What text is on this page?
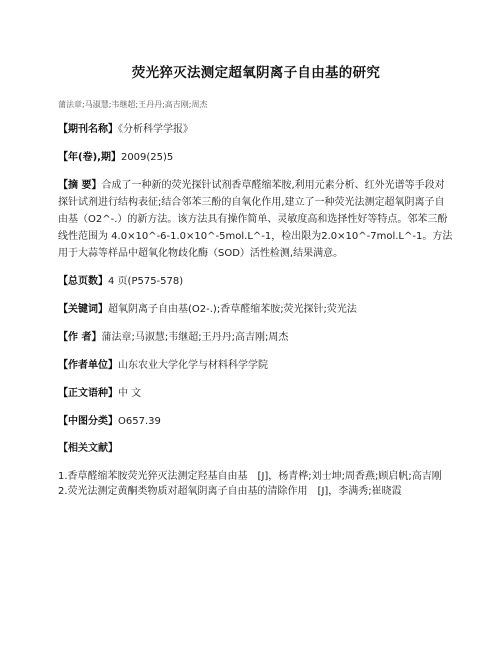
荧光猝灭法测定超氧阴离子自由基的研究
蒲法章;马淑慧;韦继超;王丹丹;高吉刚;周杰
【期刊名称】《分析科学学报》
【年(卷),期】2009(25)5
【摘 要】合成了一种新的荧光探针试剂香草醛缩苯胺,利用元素分析、红外光谱等手段对探针试剂进行结构表征;结合邻苯三酚的自氧化作用,建立了一种荧光法测定超氧阴离子自由基（O2^-.）的新方法。该方法具有操作简单、灵敏度高和选择性好等特点。邻苯三酚线性范围为 4.0×10^-6-1.0×10^-5mol.L^-1，检出限为2.0×10^-7mol.L^-1。方法用于大蒜等样品中超氧化物歧化酶（SOD）活性检测,结果满意。
【总页数】4 页(P575-578)
【关键词】超氧阴离子自由基(O2-.);香草醛缩苯胺;荧光探针;荧光法
【作 者】蒲法章;马淑慧;韦继超;王丹丹;高吉刚;周杰
【作者单位】山东农业大学化学与材料科学学院
【正文语种】中 文
【中图分类】O657.39
【相关文献】

1.香草醛缩苯胺荧光猝灭法测定羟基自由基　[J]，杨青桦;刘士坤;周香燕;顾启帆;高吉刚

2.荧光法测定黄酮类物质对超氧阴离子自由基的清除作用　[J]，李满秀;崔晓霞
